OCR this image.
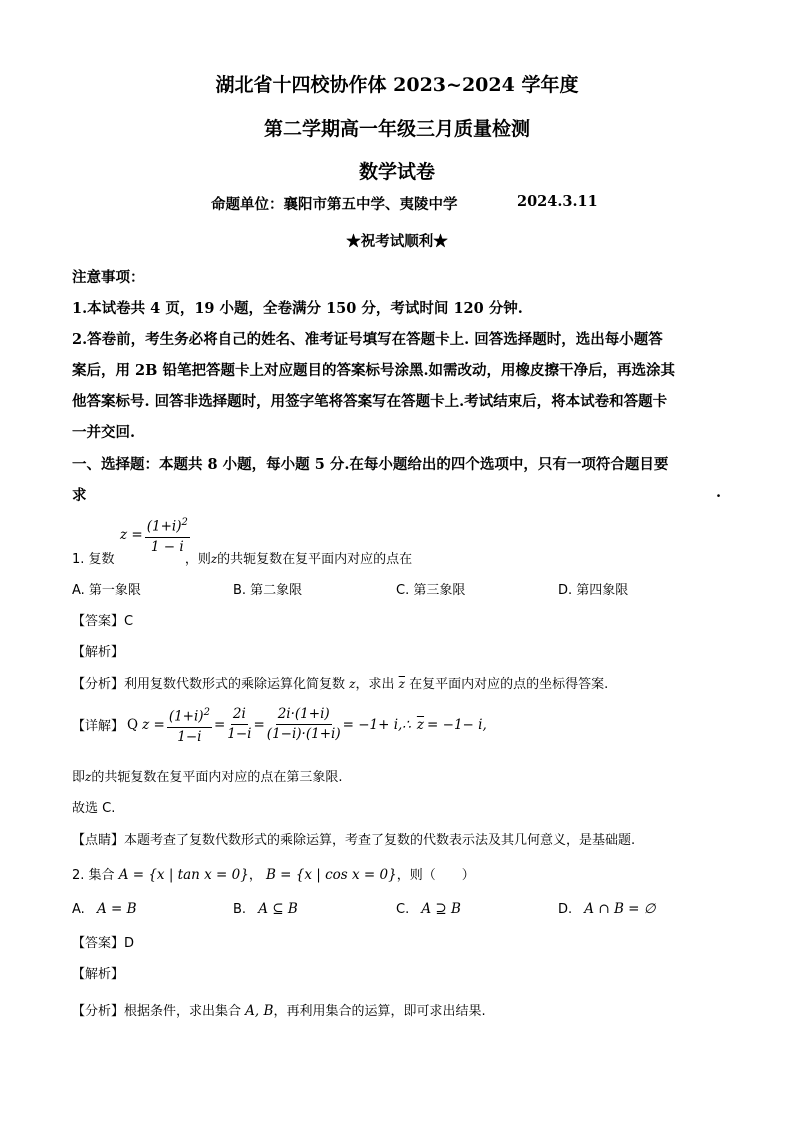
湖北省十四校协作体 2023~2024 学年度
第二学期高一年级三月质量检测
数学试卷
命题单位：襄阳市第五中学、夷陵中学	2024.3.11
★祝考试顺利★
注意事项：
1.本试卷共 4 页，19 小题，全卷满分 150 分，考试时间 120 分钟.
2.答卷前，考生务必将自己的姓名、准考证号填写在答题卡上. 回答选择题时，选出每小题答
案后，用 2B 铅笔把答题卡上对应题目的答案标号涂黑.如需改动，用橡皮擦干净后，再选涂其
他答案标号. 回答非选择题时，用签字笔将答案写在答题卡上.考试结束后，将本试卷和答题卡
一并交回.
一、选择题：本题共 8 小题，每小题 5 分.在每小题给出的四个选项中，只有一项符合题目要
求	.
$z = \frac{(1+i)^2}{1 - i}$
1. 复数	，则z的共轭复数在复平面内对应的点在
A. 第一象限	B. 第二象限	C. 第三象限	D. 第四象限
【答案】C
【解析】
【分析】利用复数代数形式的乘除运算化简复数 z，求出 $\overline{z}$ 在复平面内对应的点的坐标得答案.
【详解】 Q $z = \frac{(1+i)^2}{1-i} = \frac{2i}{1-i} = \frac{2i\cdot(1+i)}{(1-i)\cdot(1+i)} = -1+$ i,∴ $\overline{z} = -1- i$,
即z的共轭复数在复平面内对应的点在第三象限.
故选 C.
【点睛】本题考查了复数代数形式的乘除运算，考查了复数的代数表示法及其几何意义，是基础题.
2. 集合 A = {x | tan x = 0}， B = {x | cos x = 0}，则（　　）
A. A = B	B. A ⊆ B	C. A ⊇ B	D. A ∩ B = ∅
【答案】D
【解析】
【分析】根据条件，求出集合 A, B，再利用集合的运算，即可求出结果.
